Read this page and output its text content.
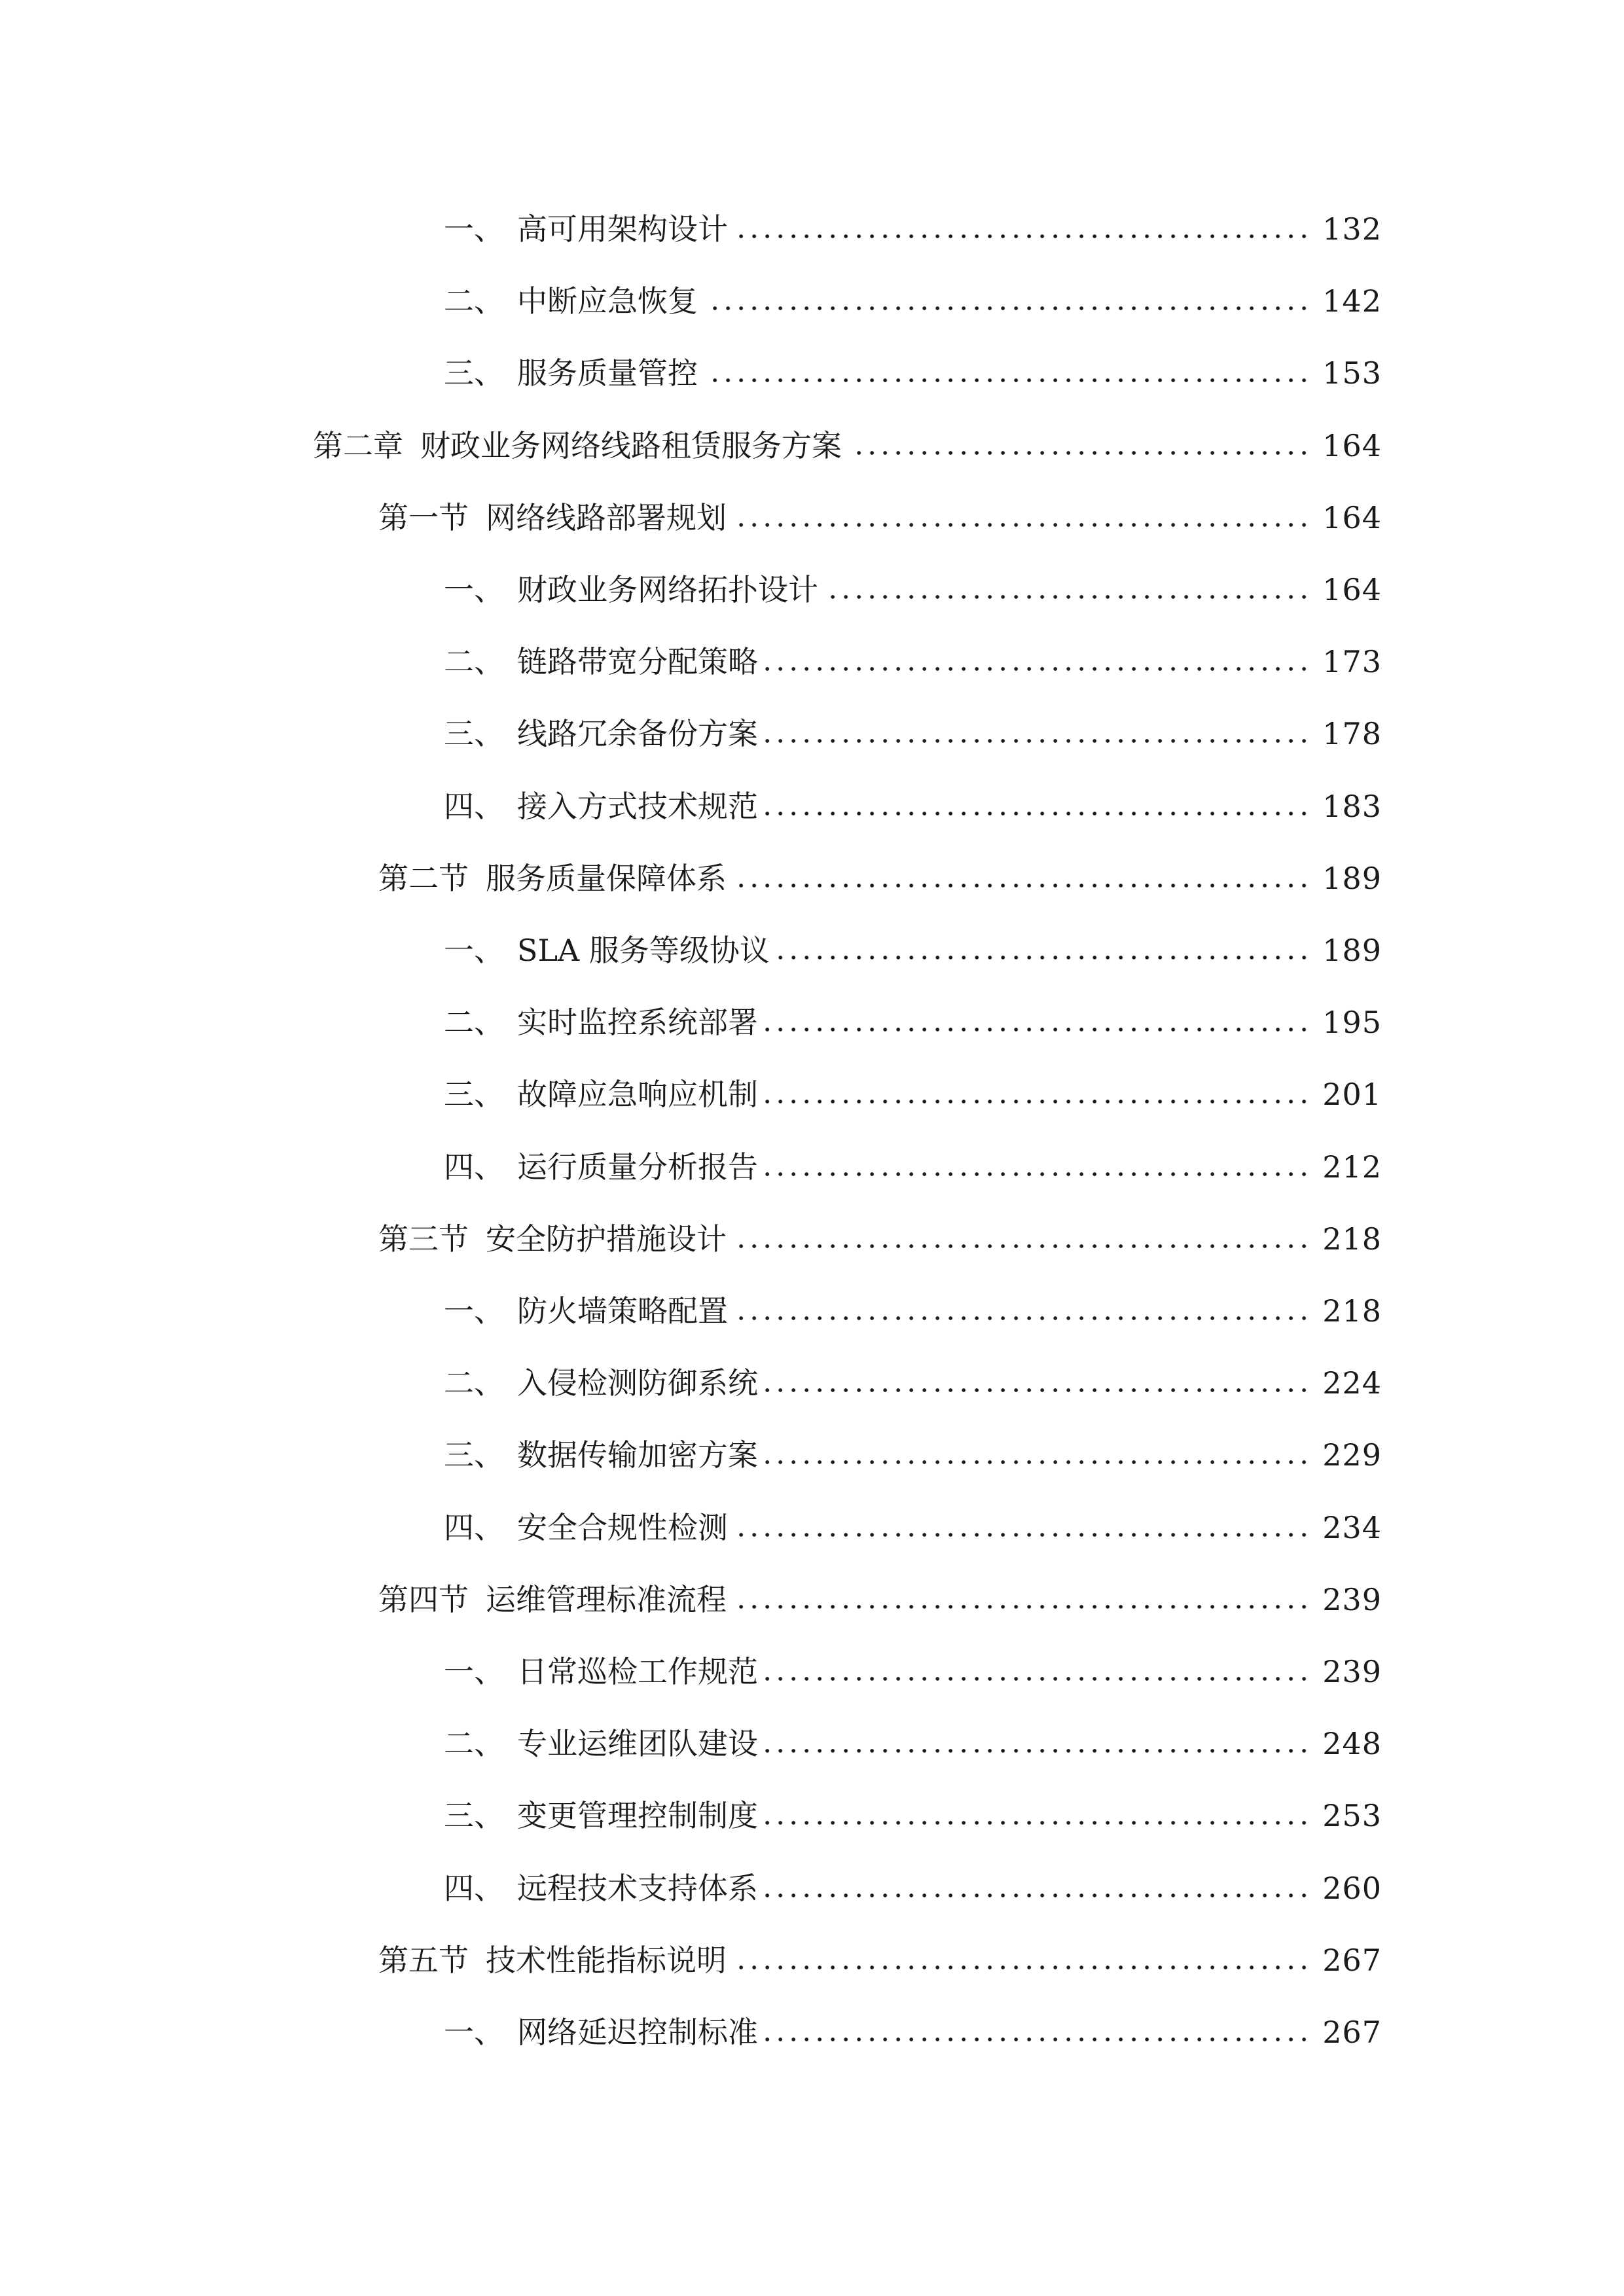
一、 高可用架构设计	132
二、 中断应急恢复	142
三、 服务质量管控	153
第二章 财政业务网络线路租赁服务方案	164
第一节 网络线路部署规划	164
一、 财政业务网络拓扑设计	164
二、 链路带宽分配策略	173
三、 线路冗余备份方案	178
四、 接入方式技术规范	183
第二节 服务质量保障体系	189
一、 SLA 服务等级协议	189
二、 实时监控系统部署	195
三、 故障应急响应机制	201
四、 运行质量分析报告	212
第三节 安全防护措施设计	218
一、 防火墙策略配置	218
二、 入侵检测防御系统	224
三、 数据传输加密方案	229
四、 安全合规性检测	234
第四节 运维管理标准流程	239
一、 日常巡检工作规范	239
二、 专业运维团队建设	248
三、 变更管理控制制度	253
四、 远程技术支持体系	260
第五节 技术性能指标说明	267
一、 网络延迟控制标准	267
